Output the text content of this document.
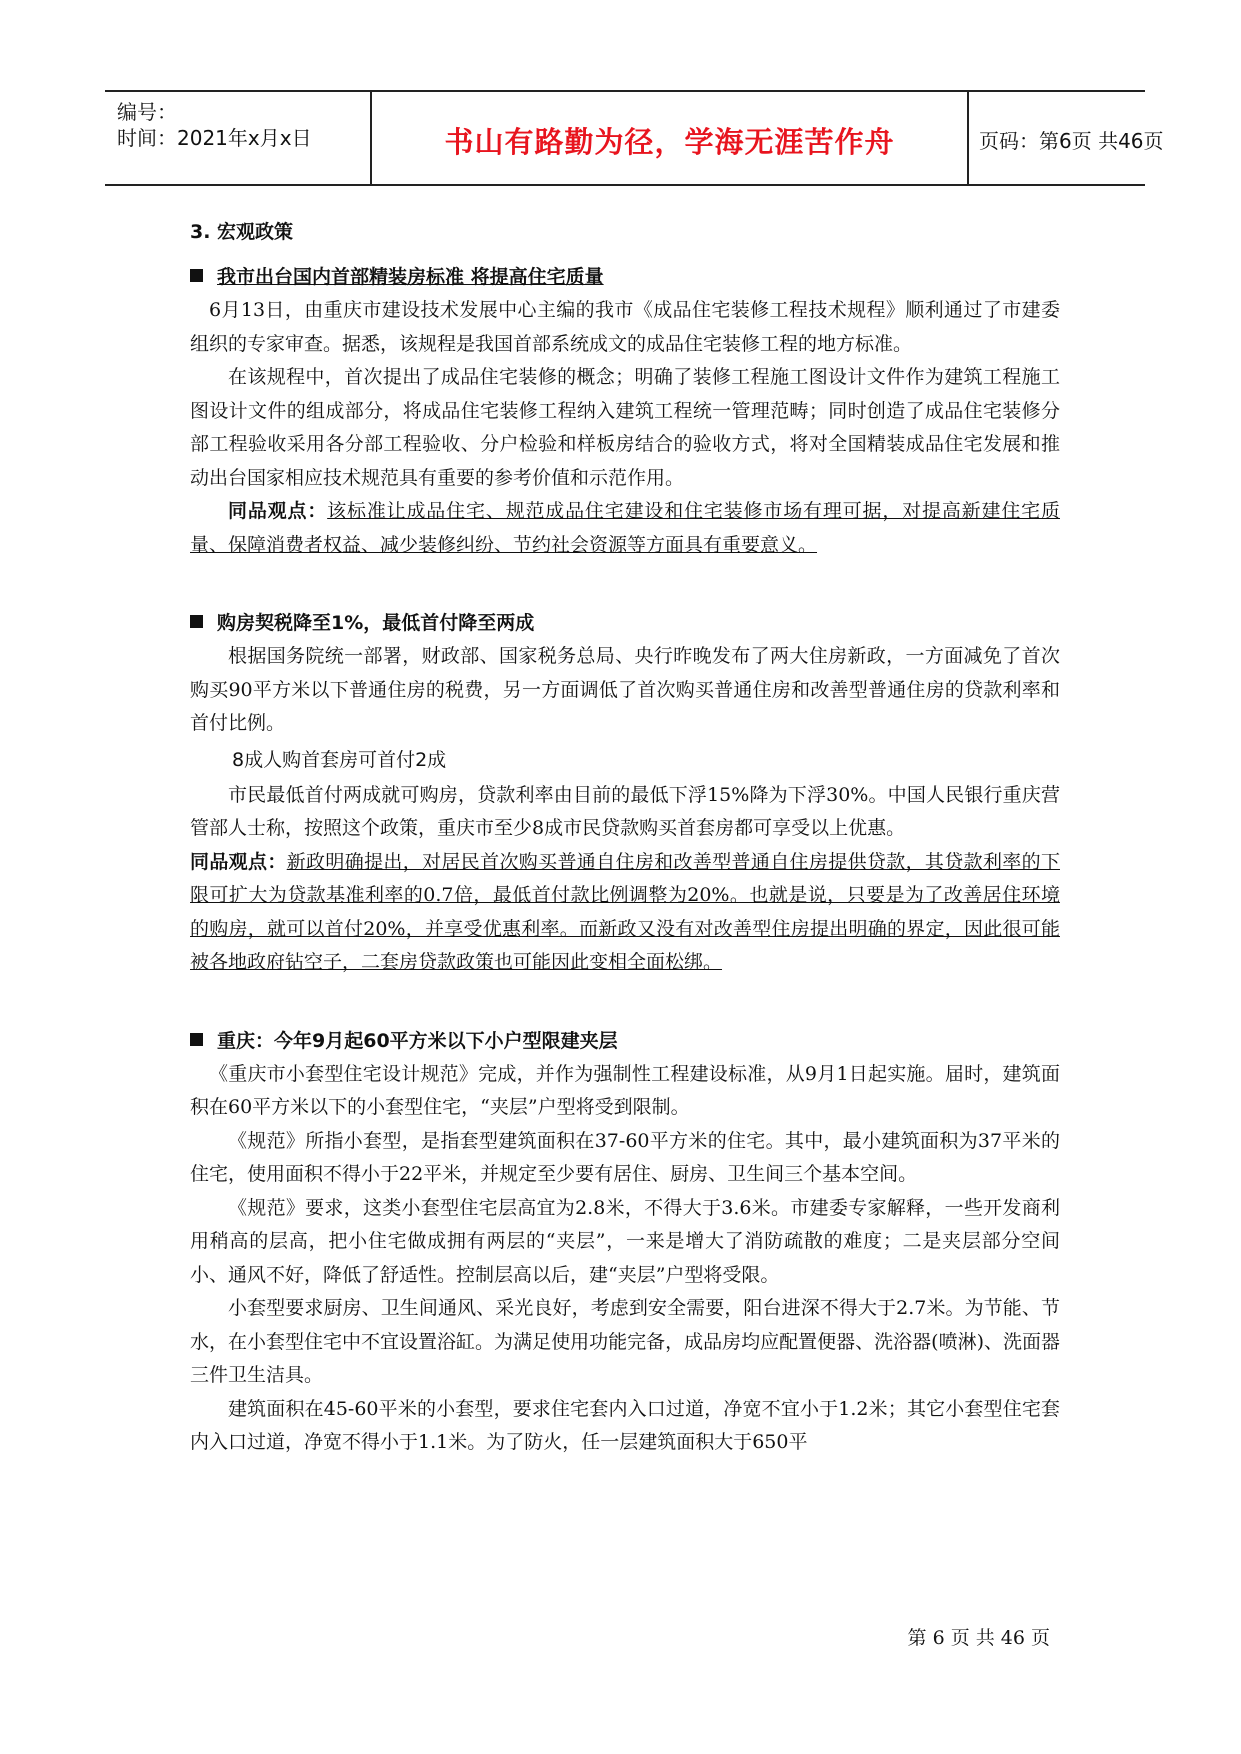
编号：
时间：2021年x月x日	书山有路勤为径，学海无涯苦作舟	页码：第6页 共46页
3. 宏观政策
我市出台国内首部精装房标准 将提高住宅质量

6月13日，由重庆市建设技术发展中心主编的我市《成品住宅装修工程技术规程》顺利通过了市建委组织的专家审查。据悉，该规程是我国首部系统成文的成品住宅装修工程的地方标准。

在该规程中，首次提出了成品住宅装修的概念；明确了装修工程施工图设计文件作为建筑工程施工图设计文件的组成部分，将成品住宅装修工程纳入建筑工程统一管理范畴；同时创造了成品住宅装修分部工程验收采用各分部工程验收、分户检验和样板房结合的验收方式，将对全国精装成品住宅发展和推动出台国家相应技术规范具有重要的参考价值和示范作用。

同品观点：该标准让成品住宅、规范成品住宅建设和住宅装修市场有理可据，对提高新建住宅质量、保障消费者权益、减少装修纠纷、节约社会资源等方面具有重要意义。

购房契税降至1%，最低首付降至两成

根据国务院统一部署，财政部、国家税务总局、央行昨晚发布了两大住房新政，一方面减免了首次购买90平方米以下普通住房的税费，另一方面调低了首次购买普通住房和改善型普通住房的贷款利率和首付比例。

8成人购首套房可首付2成

市民最低首付两成就可购房，贷款利率由目前的最低下浮15%降为下浮30%。中国人民银行重庆营管部人士称，按照这个政策，重庆市至少8成市民贷款购买首套房都可享受以上优惠。

同品观点：新政明确提出，对居民首次购买普通自住房和改善型普通自住房提供贷款，其贷款利率的下限可扩大为贷款基准利率的0.7倍，最低首付款比例调整为20%。也就是说，只要是为了改善居住环境的购房，就可以首付20%，并享受优惠利率。而新政又没有对改善型住房提出明确的界定，因此很可能被各地政府钻空子，二套房贷款政策也可能因此变相全面松绑。

重庆：今年9月起60平方米以下小户型限建夹层

《重庆市小套型住宅设计规范》完成，并作为强制性工程建设标准，从9月1日起实施。届时，建筑面积在60平方米以下的小套型住宅，“夹层”户型将受到限制。

《规范》所指小套型，是指套型建筑面积在37-60平方米的住宅。其中，最小建筑面积为37平米的住宅，使用面积不得小于22平米，并规定至少要有居住、厨房、卫生间三个基本空间。

《规范》要求，这类小套型住宅层高宜为2.8米，不得大于3.6米。市建委专家解释，一些开发商利用稍高的层高，把小住宅做成拥有两层的“夹层”，一来是增大了消防疏散的难度；二是夹层部分空间小、通风不好，降低了舒适性。控制层高以后，建“夹层”户型将受限。

小套型要求厨房、卫生间通风、采光良好，考虑到安全需要，阳台进深不得大于2.7米。为节能、节水，在小套型住宅中不宜设置浴缸。为满足使用功能完备，成品房均应配置便器、洗浴器(喷淋)、洗面器三件卫生洁具。

建筑面积在45-60平米的小套型，要求住宅套内入口过道，净宽不宜小于1.2米；其它小套型住宅套内入口过道，净宽不得小于1.1米。为了防火，任一层建筑面积大于650平

第 6 页 共 46 页
